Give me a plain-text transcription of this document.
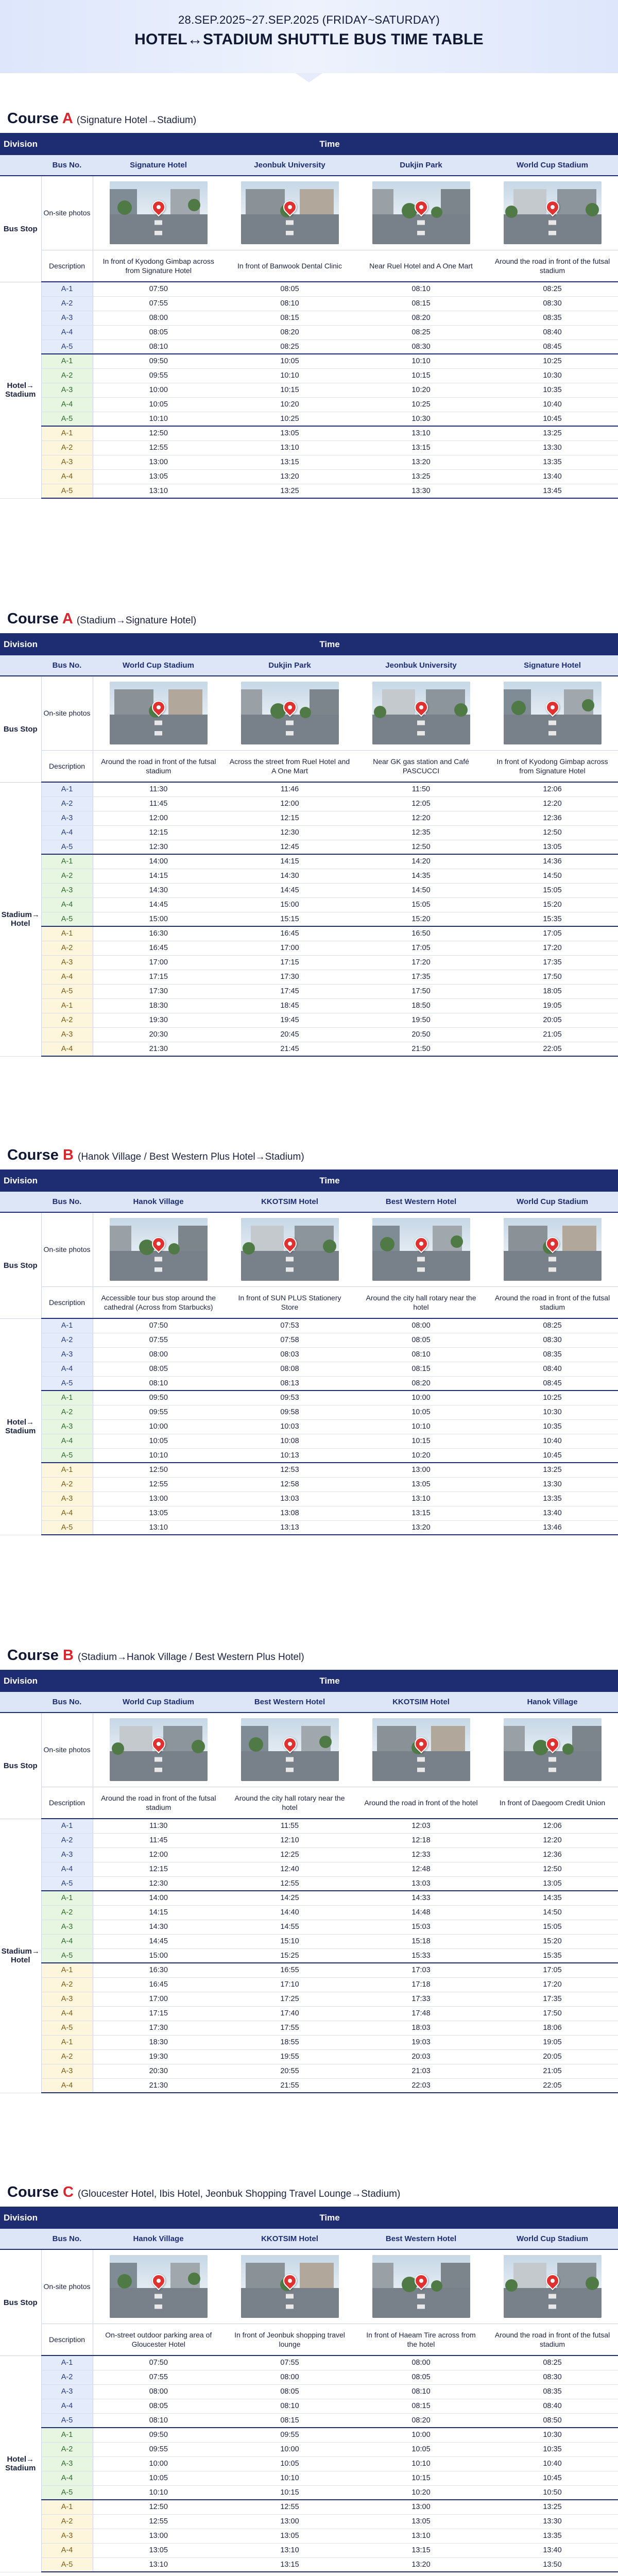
28.SEP.2025~27.SEP.2025 (FRIDAY~SATURDAY)
HOTEL↔STADIUM SHUTTLE BUS TIME TABLE
Course A (Signature Hotel→Stadium)
Division	Time				
	Bus No.	Signature Hotel	Jeonbuk University	Dukjin Park	World Cup Stadium
Bus Stop	On-site photos	

	Description	In front of Kyodong Gimbap across from Signature Hotel	In front of Banwook Dental Clinic	Near Ruel Hotel and A One Mart	Around the road in front of the futsal stadium
Hotel→ Stadium	A-1	07:50	08:05	08:10	08:25
	A-2	07:55	08:10	08:15	08:30
	A-3	08:00	08:15	08:20	08:35
	A-4	08:05	08:20	08:25	08:40
	A-5	08:10	08:25	08:30	08:45
	A-1	09:50	10:05	10:10	10:25
	A-2	09:55	10:10	10:15	10:30
	A-3	10:00	10:15	10:20	10:35
	A-4	10:05	10:20	10:25	10:40
	A-5	10:10	10:25	10:30	10:45
	A-1	12:50	13:05	13:10	13:25
	A-2	12:55	13:10	13:15	13:30
	A-3	13:00	13:15	13:20	13:35
	A-4	13:05	13:20	13:25	13:40
	A-5	13:10	13:25	13:30	13:45
Course A (Stadium→Signature Hotel)
Division	Time				
	Bus No.	World Cup Stadium	Dukjin Park	Jeonbuk University	Signature Hotel
Bus Stop	On-site photos	

	Description	Around the road in front of the futsal stadium	Across the street from Ruel Hotel and A One Mart	Near GK gas station and Café PASCUCCI	In front of Kyodong Gimbap across from Signature Hotel
Stadium→ Hotel	A-1	11:30	11:46	11:50	12:06
	A-2	11:45	12:00	12:05	12:20
	A-3	12:00	12:15	12:20	12:36
	A-4	12:15	12:30	12:35	12:50
	A-5	12:30	12:45	12:50	13:05
	A-1	14:00	14:15	14:20	14:36
	A-2	14:15	14:30	14:35	14:50
	A-3	14:30	14:45	14:50	15:05
	A-4	14:45	15:00	15:05	15:20
	A-5	15:00	15:15	15:20	15:35
	A-1	16:30	16:45	16:50	17:05
	A-2	16:45	17:00	17:05	17:20
	A-3	17:00	17:15	17:20	17:35
	A-4	17:15	17:30	17:35	17:50
	A-5	17:30	17:45	17:50	18:05
	A-1	18:30	18:45	18:50	19:05
	A-2	19:30	19:45	19:50	20:05
	A-3	20:30	20:45	20:50	21:05
	A-4	21:30	21:45	21:50	22:05
Course B (Hanok Village / Best Western Plus Hotel→Stadium)
Division	Time				
	Bus No.	Hanok Village	KKOTSIM Hotel	Best Western Hotel	World Cup Stadium
Bus Stop	On-site photos	

	Description	Accessible tour bus stop around the cathedral (Across from Starbucks)	In front of SUN PLUS Stationery Store	Around the city hall rotary near the hotel	Around the road in front of the futsal stadium
Hotel→ Stadium	A-1	07:50	07:53	08:00	08:25
	A-2	07:55	07:58	08:05	08:30
	A-3	08:00	08:03	08:10	08:35
	A-4	08:05	08:08	08:15	08:40
	A-5	08:10	08:13	08:20	08:45
	A-1	09:50	09:53	10:00	10:25
	A-2	09:55	09:58	10:05	10:30
	A-3	10:00	10:03	10:10	10:35
	A-4	10:05	10:08	10:15	10:40
	A-5	10:10	10:13	10:20	10:45
	A-1	12:50	12:53	13:00	13:25
	A-2	12:55	12:58	13:05	13:30
	A-3	13:00	13:03	13:10	13:35
	A-4	13:05	13:08	13:15	13:40
	A-5	13:10	13:13	13:20	13:46
Course B (Stadium→Hanok Village / Best Western Plus Hotel)
Division	Time				
	Bus No.	World Cup Stadium	Best Western Hotel	KKOTSIM Hotel	Hanok Village
Bus Stop	On-site photos	

	Description	Around the road in front of the futsal stadium	Around the city hall rotary near the hotel	Around the road in front of the hotel	In front of Daegoom Credit Union
Stadium→ Hotel	A-1	11:30	11:55	12:03	12:06
	A-2	11:45	12:10	12:18	12:20
	A-3	12:00	12:25	12:33	12:36
	A-4	12:15	12:40	12:48	12:50
	A-5	12:30	12:55	13:03	13:05
	A-1	14:00	14:25	14:33	14:35
	A-2	14:15	14:40	14:48	14:50
	A-3	14:30	14:55	15:03	15:05
	A-4	14:45	15:10	15:18	15:20
	A-5	15:00	15:25	15:33	15:35
	A-1	16:30	16:55	17:03	17:05
	A-2	16:45	17:10	17:18	17:20
	A-3	17:00	17:25	17:33	17:35
	A-4	17:15	17:40	17:48	17:50
	A-5	17:30	17:55	18:03	18:06
	A-1	18:30	18:55	19:03	19:05
	A-2	19:30	19:55	20:03	20:05
	A-3	20:30	20:55	21:03	21:05
	A-4	21:30	21:55	22:03	22:05
Course C (Gloucester Hotel, Ibis Hotel, Jeonbuk Shopping Travel Lounge→Stadium)
Division	Time				
	Bus No.	Hanok Village	KKOTSIM Hotel	Best Western Hotel	World Cup Stadium
Bus Stop	On-site photos	

	Description	On-street outdoor parking area of Gloucester Hotel	In front of Jeonbuk shopping travel lounge	In front of Haeam Tire across from the hotel	Around the road in front of the futsal stadium
Hotel→ Stadium	A-1	07:50	07:55	08:00	08:25
	A-2	07:55	08:00	08:05	08:30
	A-3	08:00	08:05	08:10	08:35
	A-4	08:05	08:10	08:15	08:40
	A-5	08:10	08:15	08:20	08:50
	A-1	09:50	09:55	10:00	10:30
	A-2	09:55	10:00	10:05	10:35
	A-3	10:00	10:05	10:10	10:40
	A-4	10:05	10:10	10:15	10:45
	A-5	10:10	10:15	10:20	10:50
	A-1	12:50	12:55	13:00	13:25
	A-2	12:55	13:00	13:05	13:30
	A-3	13:00	13:05	13:10	13:35
	A-4	13:05	13:10	13:15	13:40
	A-5	13:10	13:15	13:20	13:50
